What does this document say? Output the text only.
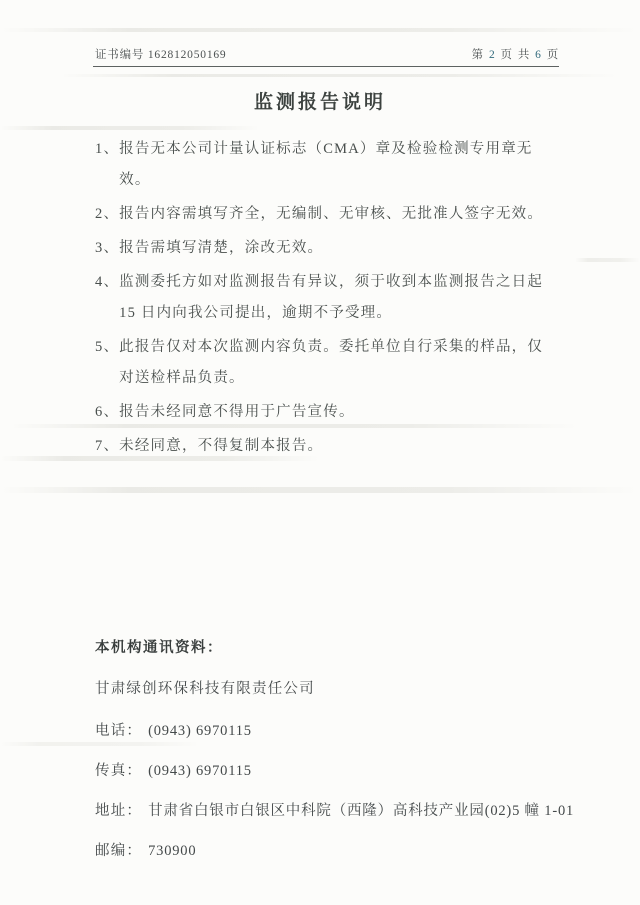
证书编号 162812050169	第 2 页 共 6 页
监测报告说明
1、 报告无本公司计量认证标志（CMA）章及检验检测专用章无效。
2、 报告内容需填写齐全，无编制、无审核、无批准人签字无效。
3、 报告需填写清楚，涂改无效。
4、 监测委托方如对监测报告有异议，须于收到本监测报告之日起 15 日内向我公司提出，逾期不予受理。
5、 此报告仅对本次监测内容负责。委托单位自行采集的样品，仅对送检样品负责。
6、 报告未经同意不得用于广告宣传。
7、 未经同意，不得复制本报告。
本机构通讯资料：
甘肃绿创环保科技有限责任公司
电话： (0943) 6970115
传真： (0943) 6970115
地址： 甘肃省白银市白银区中科院（西隆）高科技产业园(02)5 幢 1-01
邮编： 730900
